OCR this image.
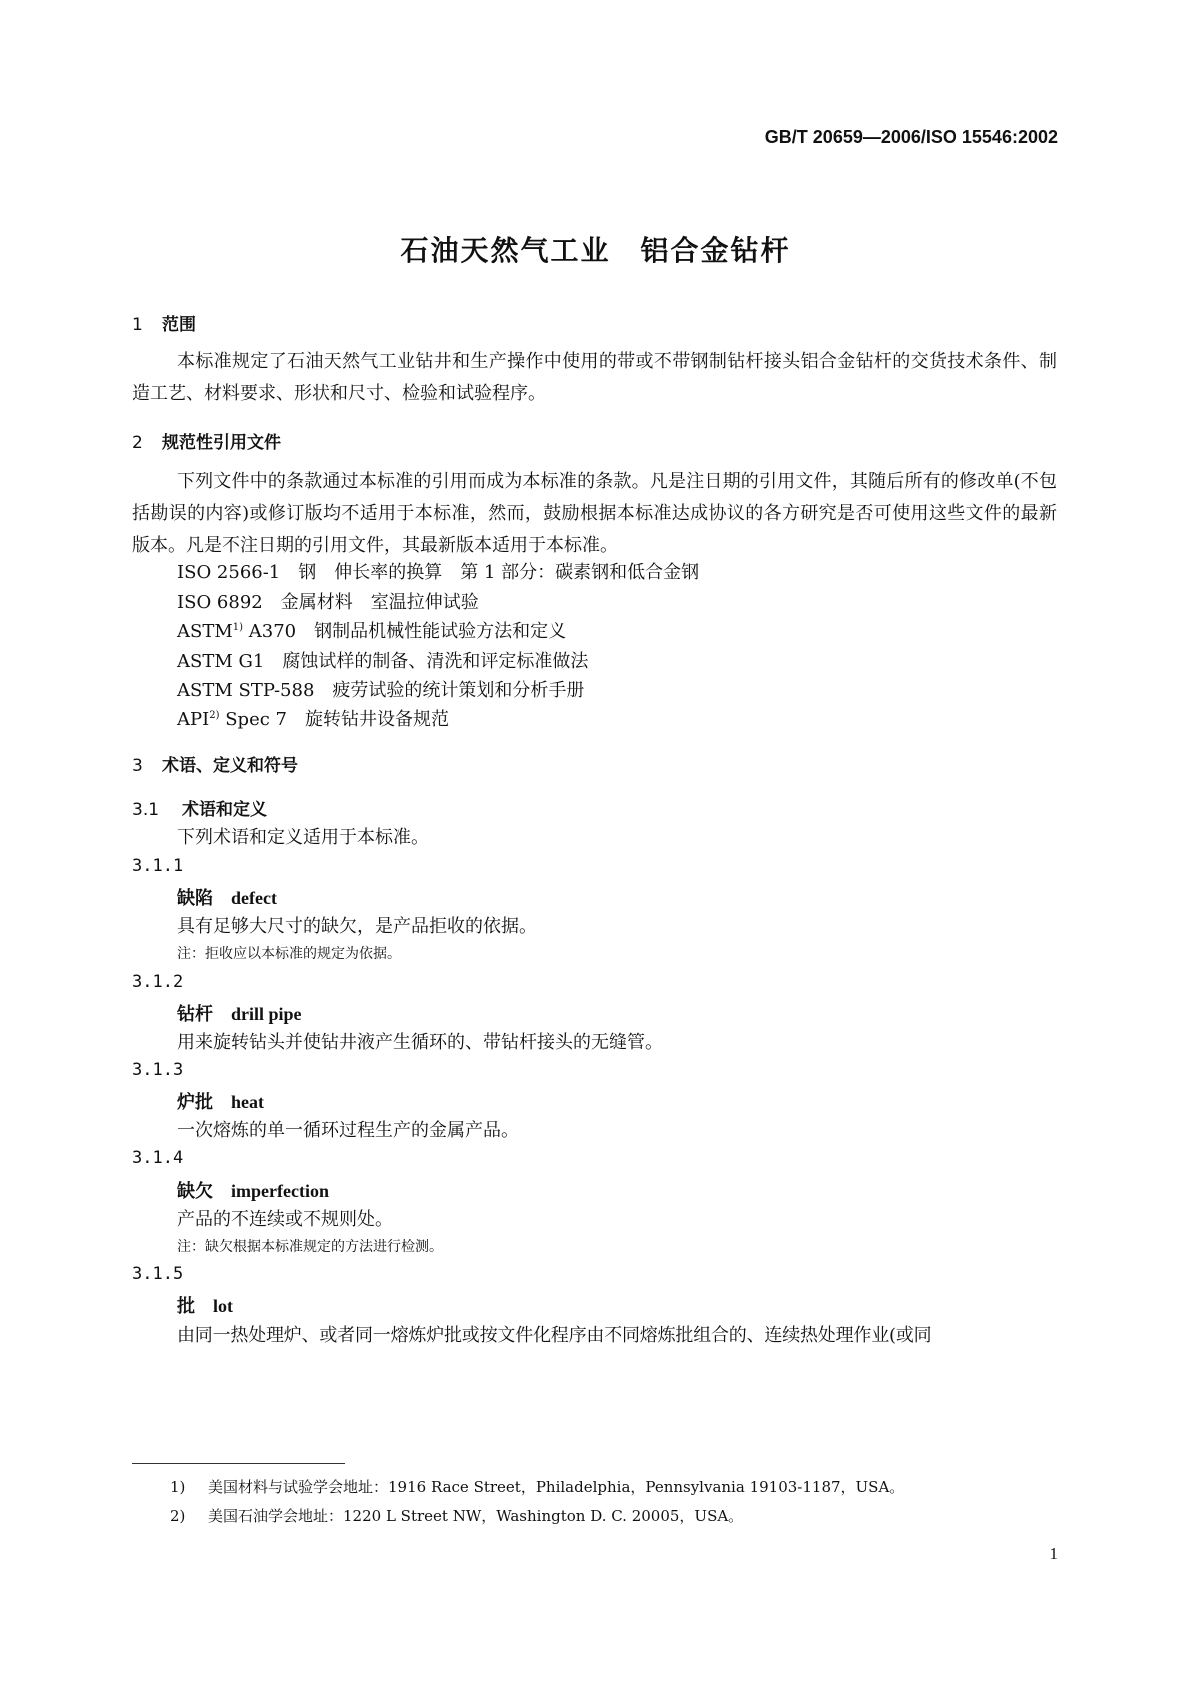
GB/T 20659—2006/ISO 15546:2002
石油天然气工业　铝合金钻杆
1 范围

本标准规定了石油天然气工业钻井和生产操作中使用的带或不带钢制钻杆接头铝合金钻杆的交货技术条件、制造工艺、材料要求、形状和尺寸、检验和试验程序。

2 规范性引用文件

下列文件中的条款通过本标准的引用而成为本标准的条款。凡是注日期的引用文件，其随后所有的修改单(不包括勘误的内容)或修订版均不适用于本标准，然而，鼓励根据本标准达成协议的各方研究是否可使用这些文件的最新版本。凡是不注日期的引用文件，其最新版本适用于本标准。

ISO 2566-1　钢　伸长率的换算　第 1 部分：碳素钢和低合金钢
ISO 6892　金属材料　室温拉伸试验
ASTM$^{1)}$ A370　钢制品机械性能试验方法和定义
ASTM G1　腐蚀试样的制备、清洗和评定标准做法
ASTM STP-588　疲劳试验的统计策划和分析手册
API$^{2)}$ Spec 7　旋转钻井设备规范
3 术语、定义和符号
3.1 术语和定义
下列术语和定义适用于本标准。
3.1.1
缺陷 defect
具有足够大尺寸的缺欠，是产品拒收的依据。
注：拒收应以本标准的规定为依据。
3.1.2
钻杆 drill pipe
用来旋转钻头并使钻井液产生循环的、带钻杆接头的无缝管。
3.1.3
炉批 heat
一次熔炼的单一循环过程生产的金属产品。
3.1.4
缺欠 imperfection
产品的不连续或不规则处。
注：缺欠根据本标准规定的方法进行检测。
3.1.5
批 lot
由同一热处理炉、或者同一熔炼炉批或按文件化程序由不同熔炼批组合的、连续热处理作业(或同
1) 美国材料与试验学会地址：1916 Race Street，Philadelphia，Pennsylvania 19103-1187，USA。
2) 美国石油学会地址：1220 L Street NW，Washington D. C. 20005，USA。
1
